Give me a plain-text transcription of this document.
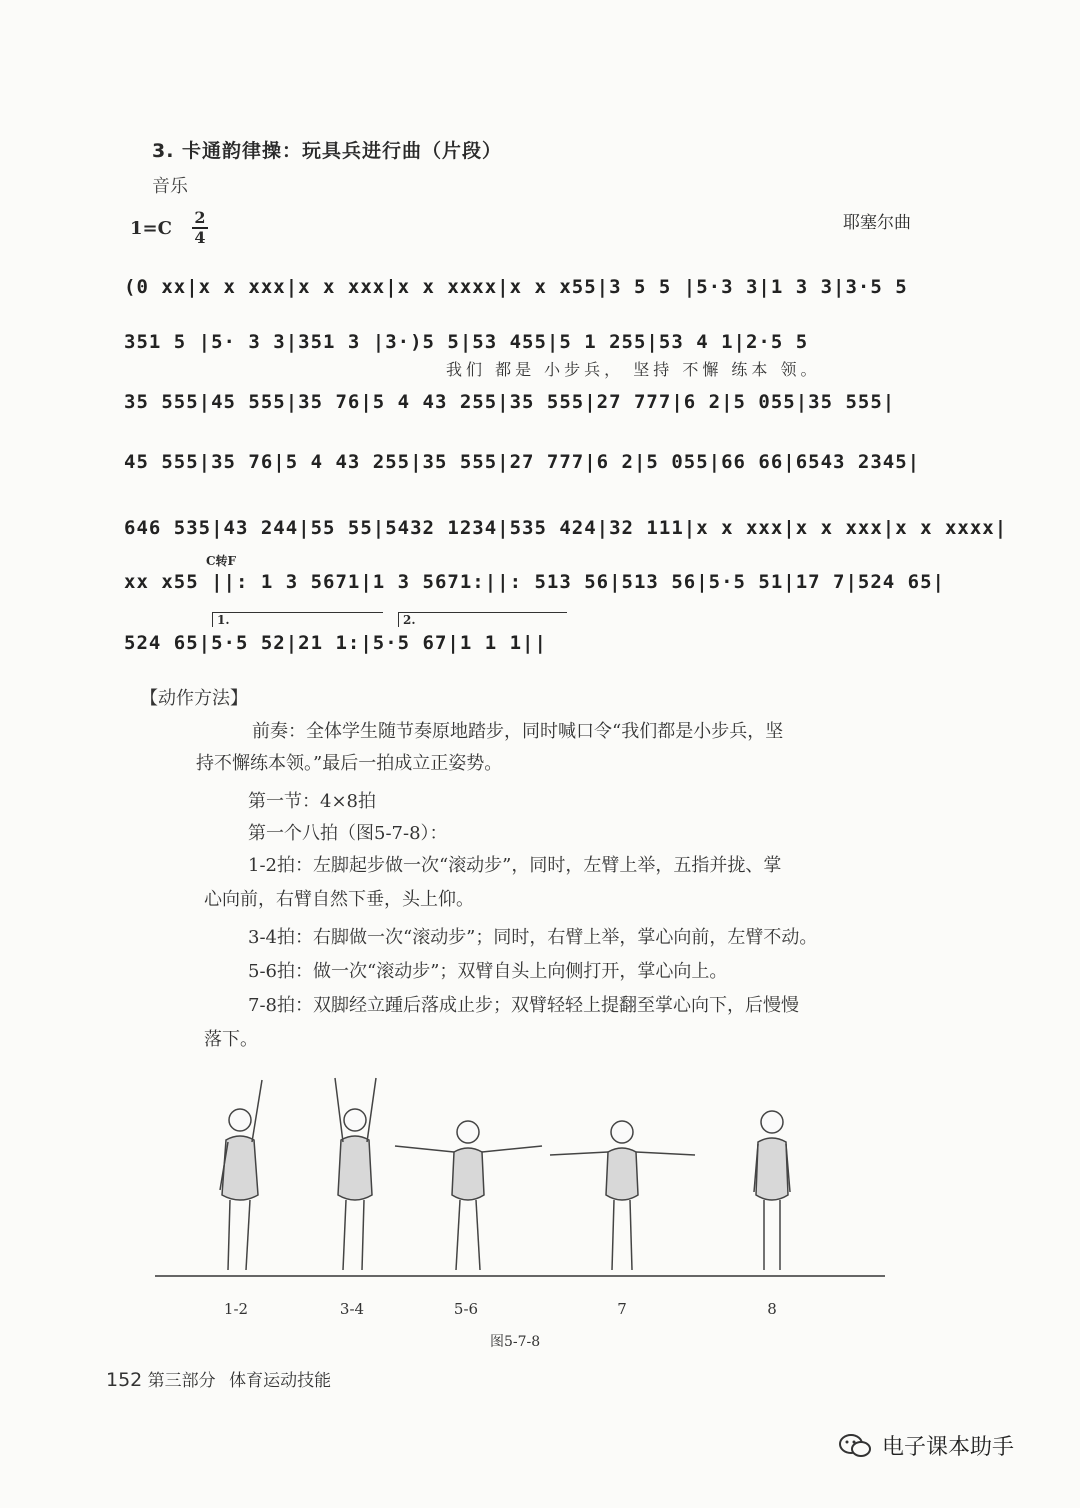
3. 卡通韵律操：玩具兵进行曲（片段）
音乐
1=C
2
4
耶塞尔曲
(0 xx|x x xxx|x x xxx|x x xxxx|x x x55|3 5 5 |5·3 3|1 3 3|3·5 5
351 5 |5· 3 3|351 3 |3·)5 5|53 455|5 1 255|53 4 1|2·5 5
我们 都是 小步兵， 坚持 不懈 练本 领。
35 555|45 555|35 76|5 4 43 255|35 555|27 777|6 2|5 055|35 555|
45 555|35 76|5 4 43 255|35 555|27 777|6 2|5 055|66 66|6543 2345|
646 535|43 244|55 55|5432 1234|535 424|32 111|x x xxx|x x xxx|x x xxxx|
C转F
xx x55 ||: 1 3 5671|1 3 5671:||: 513 56|513 56|5·5 51|17 7|524 65|
1.	2.
524 65|5·5 52|21 1:|5·5 67|1 1 1||
【动作方法】
前奏：全体学生随节奏原地踏步，同时喊口令“我们都是小步兵，坚
持不懈练本领。”最后一拍成立正姿势。
第一节：4×8拍
第一个八拍（图5-7-8）：
1-2拍：左脚起步做一次“滚动步”，同时，左臂上举，五指并拢、掌
心向前，右臂自然下垂，头上仰。
3-4拍：右脚做一次“滚动步”；同时，右臂上举，掌心向前，左臂不动。
5-6拍：做一次“滚动步”；双臂自头上向侧打开，掌心向上。
7-8拍：双脚经立踵后落成止步；双臂轻轻上提翻至掌心向下，后慢慢
落下。
1-2	3-4	5-6	7	8
图5-7-8
152 第三部分 体育运动技能
电子课本助手
